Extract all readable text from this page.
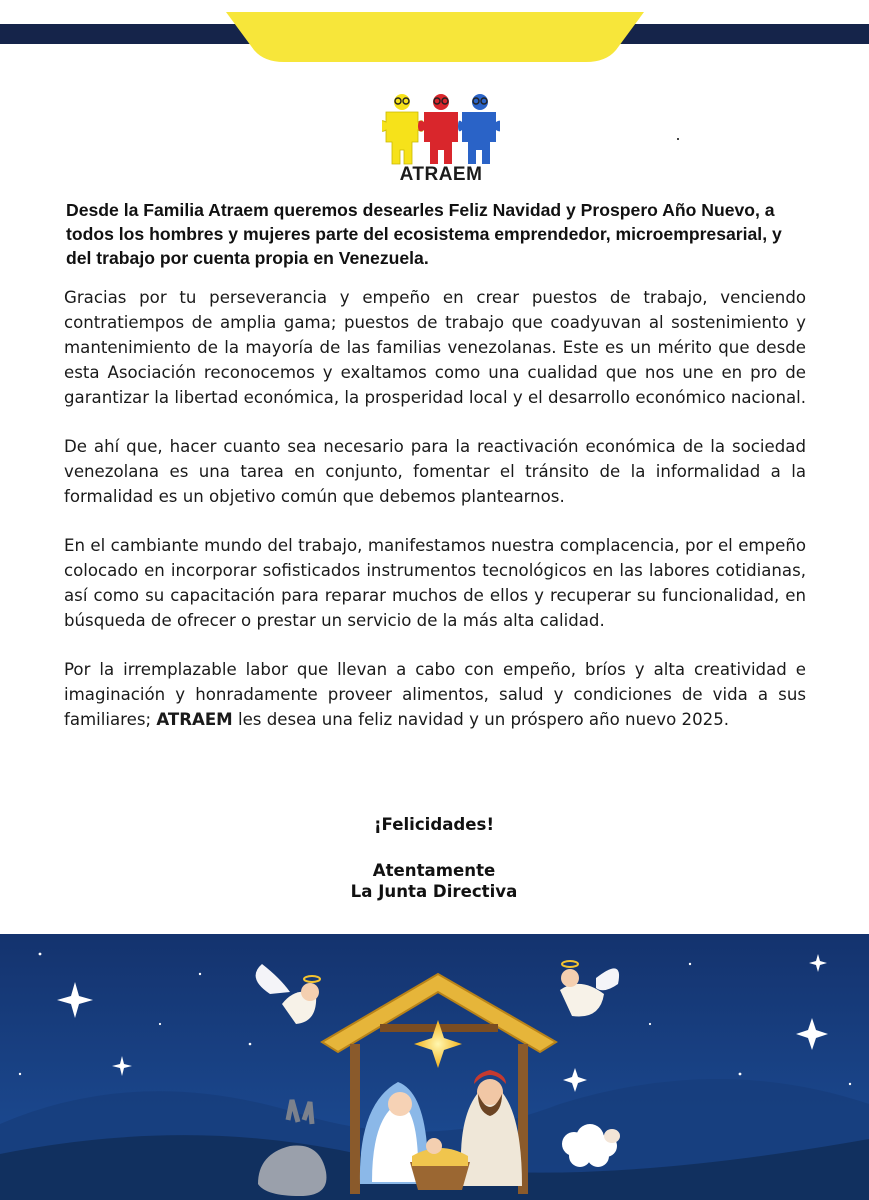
ATRAEM
Desde la Familia Atraem queremos desearles Feliz Navidad y Prospero Año Nuevo, a todos los hombres y mujeres parte del ecosistema emprendedor, microempresarial, y del trabajo por cuenta propia en Venezuela.

Gracias por tu perseverancia y empeño en crear puestos de trabajo, venciendo contratiempos de amplia gama; puestos de trabajo que coadyuvan al sostenimiento y mantenimiento de la mayoría de las familias venezolanas. Este es un mérito que desde esta Asociación reconocemos y exaltamos como una cualidad que nos une en pro de garantizar la libertad económica, la prosperidad local y el desarrollo económico nacional.

De ahí que, hacer cuanto sea necesario para la reactivación económica de la sociedad venezolana es una tarea en conjunto, fomentar el tránsito de la informalidad a la formalidad es un objetivo común que debemos plantearnos.

En el cambiante mundo del trabajo, manifestamos nuestra complacencia, por el empeño colocado en incorporar sofisticados instrumentos tecnológicos en las labores cotidianas, así como su capacitación para reparar muchos de ellos y recuperar su funcionalidad, en búsqueda de ofrecer o prestar un servicio de la más alta calidad.

Por la irremplazable labor que llevan a cabo con empeño, bríos y alta creatividad e imaginación y honradamente proveer alimentos, salud y condiciones de vida a sus familiares; ATRAEM les desea una feliz navidad y un próspero año nuevo 2025.

¡Felicidades!
Atentamente
La Junta Directiva
